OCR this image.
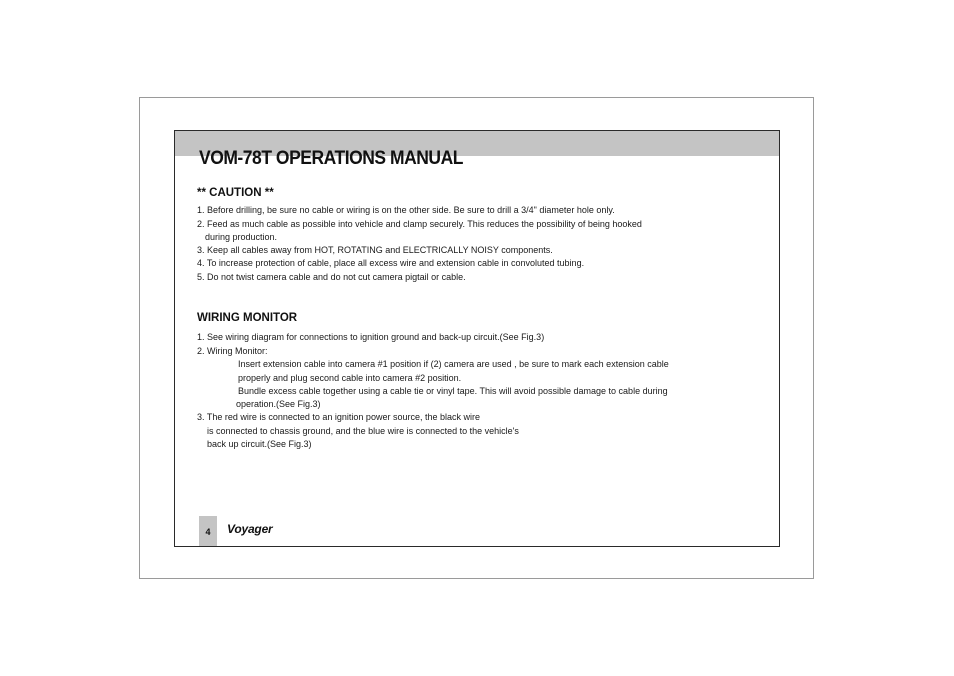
VOM-78T OPERATIONS MANUAL
** CAUTION **

1. Before drilling, be sure no cable or wiring is on the other side. Be sure to drill a 3/4" diameter hole only.

2. Feed as much cable as possible into vehicle and clamp securely. This reduces the possibility of being hooked

during production.

3. Keep all cables away from HOT, ROTATING and ELECTRICALLY NOISY components.

4. To increase protection of cable, place all excess wire and extension cable in convoluted tubing.

5. Do not twist camera cable and do not cut camera pigtail or cable.

WIRING MONITOR

1. See wiring diagram for connections to ignition ground and back-up circuit.(See Fig.3)

2. Wiring Monitor:

Insert extension cable into camera #1 position if (2) camera are used , be sure to mark each extension cable

properly and plug second cable into camera #2 position.

Bundle excess cable together using a cable tie or vinyl tape. This will avoid possible damage to cable during

operation.(See Fig.3)

3. The red wire is connected to an ignition power source, the black wire

is connected to chassis ground, and the blue wire is connected to the vehicle's

back up circuit.(See Fig.3)

4	Voyager
